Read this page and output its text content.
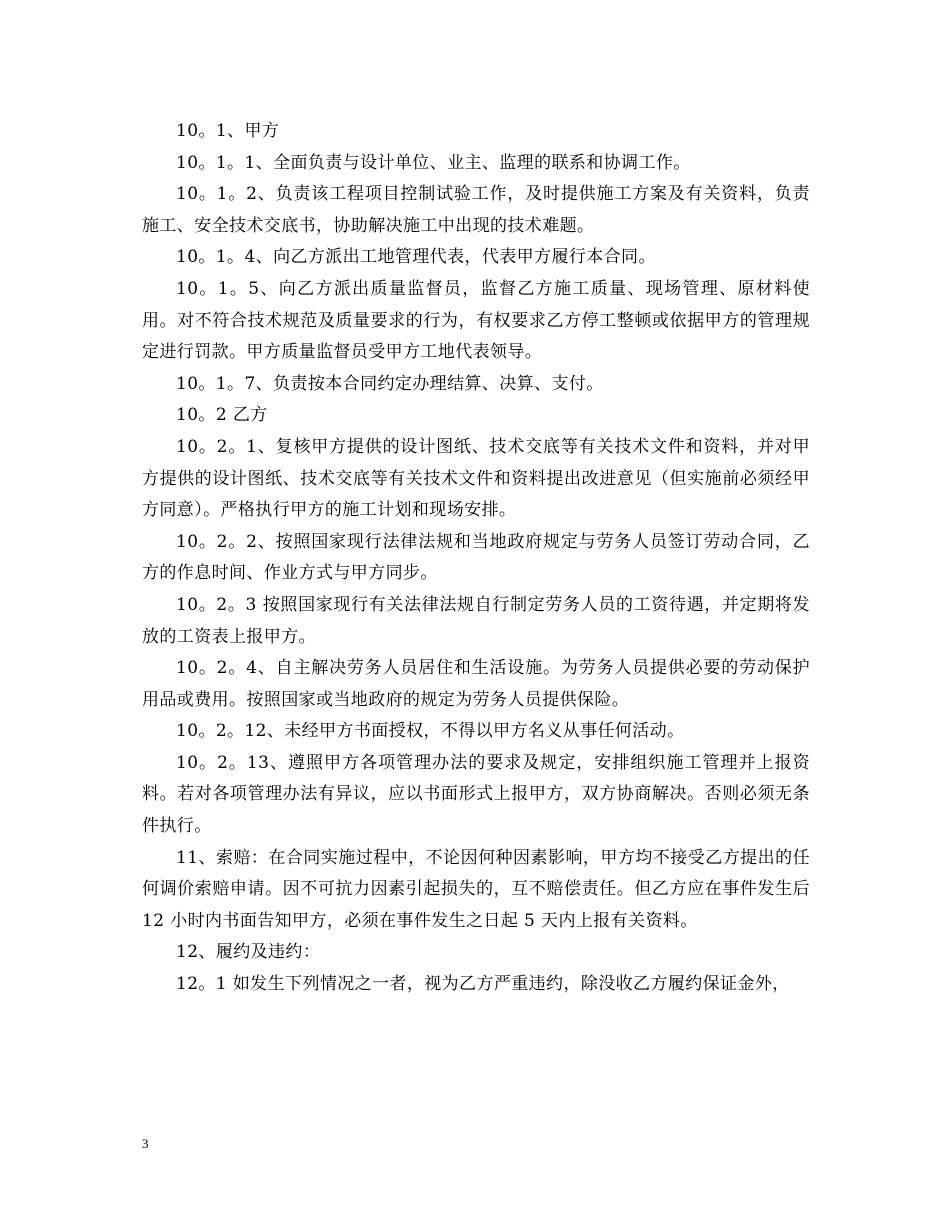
10。1、甲方

10。1。1、全面负责与设计单位、业主、监理的联系和协调工作。

10。1。2、负责该工程项目控制试验工作，及时提供施工方案及有关资料，负责施工、安全技术交底书，协助解决施工中出现的技术难题。

10。1。4、向乙方派出工地管理代表，代表甲方履行本合同。

10。1。5、向乙方派出质量监督员，监督乙方施工质量、现场管理、原材料使用。对不符合技术规范及质量要求的行为，有权要求乙方停工整顿或依据甲方的管理规定进行罚款。甲方质量监督员受甲方工地代表领导。

10。1。7、负责按本合同约定办理结算、决算、支付。

10。2 乙方

10。2。1、复核甲方提供的设计图纸、技术交底等有关技术文件和资料，并对甲方提供的设计图纸、技术交底等有关技术文件和资料提出改进意见（但实施前必须经甲方同意）。严格执行甲方的施工计划和现场安排。

10。2。2、按照国家现行法律法规和当地政府规定与劳务人员签订劳动合同，乙方的作息时间、作业方式与甲方同步。

10。2。3 按照国家现行有关法律法规自行制定劳务人员的工资待遇，并定期将发放的工资表上报甲方。

10。2。4、自主解决劳务人员居住和生活设施。为劳务人员提供必要的劳动保护用品或费用。按照国家或当地政府的规定为劳务人员提供保险。

10。2。12、未经甲方书面授权，不得以甲方名义从事任何活动。

10。2。13、遵照甲方各项管理办法的要求及规定，安排组织施工管理并上报资料。若对各项管理办法有异议，应以书面形式上报甲方，双方协商解决。否则必须无条件执行。

11、索赔：在合同实施过程中，不论因何种因素影响，甲方均不接受乙方提出的任何调价索赔申请。因不可抗力因素引起损失的，互不赔偿责任。但乙方应在事件发生后 12 小时内书面告知甲方，必须在事件发生之日起 5 天内上报有关资料。

12、履约及违约：

12。1 如发生下列情况之一者，视为乙方严重违约，除没收乙方履约保证金外，

3
